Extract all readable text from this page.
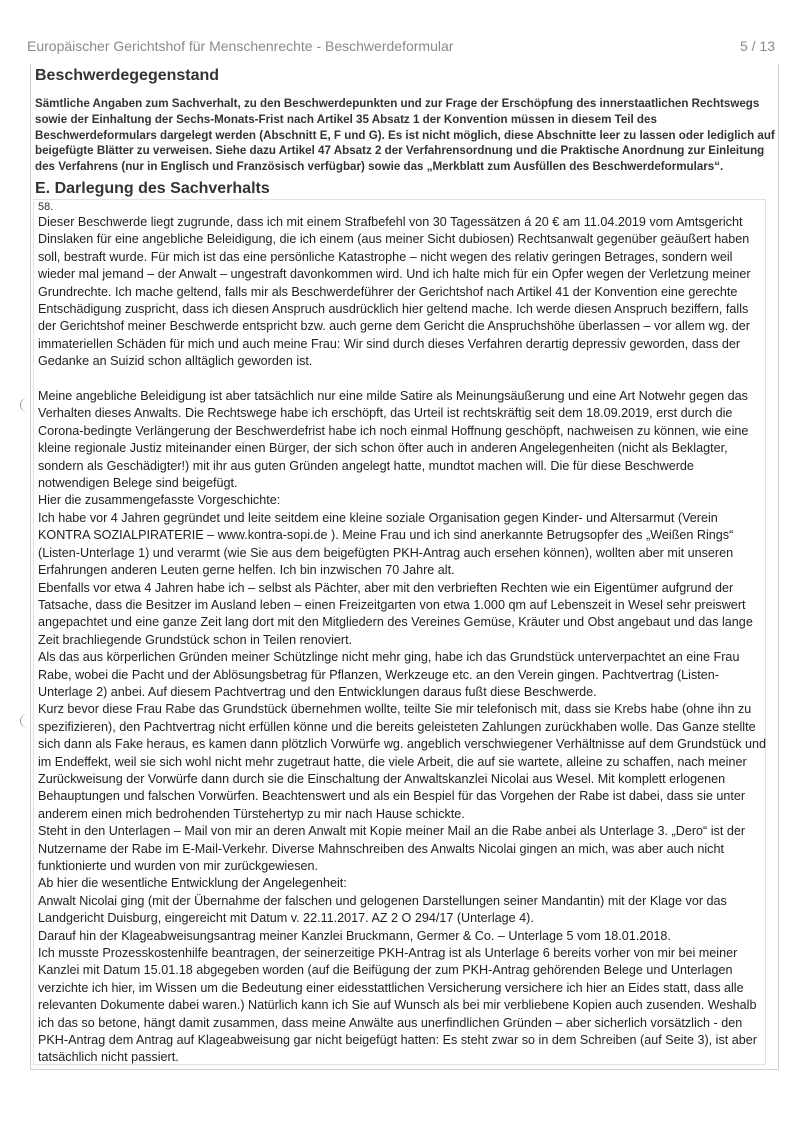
Europäischer Gerichtshof für Menschenrechte - Beschwerdeformular	5 / 13
Beschwerdegegenstand
Sämtliche Angaben zum Sachverhalt, zu den Beschwerdepunkten und zur Frage der Erschöpfung des innerstaatlichen Rechtswegs sowie der Einhaltung der Sechs-Monats-Frist nach Artikel 35 Absatz 1 der Konvention müssen in diesem Teil des Beschwerdeformulars dargelegt werden (Abschnitt E, F und G). Es ist nicht möglich, diese Abschnitte leer zu lassen oder lediglich auf beigefügte Blätter zu verweisen. Siehe dazu Artikel 47 Absatz 2 der Verfahrensordnung und die Praktische Anordnung zur Einleitung des Verfahrens (nur in Englisch und Französisch verfügbar) sowie das „Merkblatt zum Ausfüllen des Beschwerdeformulars“.
E. Darlegung des Sachverhalts
58.

Dieser Beschwerde liegt zugrunde, dass ich mit einem Strafbefehl von 30 Tagessätzen á 20 € am 11.04.2019 vom Amtsgericht Dinslaken für eine angebliche Beleidigung, die ich einem (aus meiner Sicht dubiosen) Rechtsanwalt gegenüber geäußert haben soll, bestraft wurde. Für mich ist das eine persönliche Katastrophe – nicht wegen des relativ geringen Betrages, sondern weil wieder mal jemand – der Anwalt – ungestraft davonkommen wird. Und ich halte mich für ein Opfer wegen der Verletzung meiner Grundrechte. Ich mache geltend, falls mir als Beschwerdeführer der Gerichtshof nach Artikel 41 der Konvention eine gerechte Entschädigung zuspricht, dass ich diesen Anspruch ausdrücklich hier geltend mache. Ich werde diesen Anspruch beziffern, falls der Gerichtshof meiner Beschwerde entspricht bzw. auch gerne dem Gericht die Anspruchshöhe überlassen – vor allem wg. der immateriellen Schäden für mich und auch meine Frau: Wir sind durch dieses Verfahren derartig depressiv geworden, dass der Gedanke an Suizid schon alltäglich geworden ist.

Meine angebliche Beleidigung ist aber tatsächlich nur eine milde Satire als Meinungsäußerung und eine Art Notwehr gegen das Verhalten dieses Anwalts. Die Rechtswege habe ich erschöpft, das Urteil ist rechtskräftig seit dem 18.09.2019, erst durch die Corona-bedingte Verlängerung der Beschwerdefrist habe ich noch einmal Hoffnung geschöpft, nachweisen zu können, wie eine kleine regionale Justiz miteinander einen Bürger, der sich schon öfter auch in anderen Angelegenheiten (nicht als Beklagter, sondern als Geschädigter!) mit ihr aus guten Gründen angelegt hatte, mundtot machen will. Die für diese Beschwerde notwendigen Belege sind beigefügt.

Hier die zusammengefasste Vorgeschichte:

Ich habe vor 4 Jahren gegründet und leite seitdem eine kleine soziale Organisation gegen Kinder- und Altersarmut (Verein KONTRA SOZIALPIRATERIE – www.kontra-sopi.de ). Meine Frau und ich sind anerkannte Betrugsopfer des „Weißen Rings“ (Listen-Unterlage 1) und verarmt (wie Sie aus dem beigefügten PKH-Antrag auch ersehen können), wollten aber mit unseren Erfahrungen anderen Leuten gerne helfen. Ich bin inzwischen 70 Jahre alt.

Ebenfalls vor etwa 4 Jahren habe ich – selbst als Pächter, aber mit den verbrieften Rechten wie ein Eigentümer aufgrund der Tatsache, dass die Besitzer im Ausland leben – einen Freizeitgarten von etwa 1.000 qm auf Lebenszeit in Wesel sehr preiswert angepachtet und eine ganze Zeit lang dort mit den Mitgliedern des Vereines Gemüse, Kräuter und Obst angebaut und das lange Zeit brachliegende Grundstück schon in Teilen renoviert.

Als das aus körperlichen Gründen meiner Schützlinge nicht mehr ging, habe ich das Grundstück unterverpachtet an eine Frau Rabe, wobei die Pacht und der Ablösungsbetrag für Pflanzen, Werkzeuge etc. an den Verein gingen. Pachtvertrag (Listen-Unterlage 2) anbei. Auf diesem Pachtvertrag und den Entwicklungen daraus fußt diese Beschwerde.

Kurz bevor diese Frau Rabe das Grundstück übernehmen wollte, teilte Sie mir telefonisch mit, dass sie Krebs habe (ohne ihn zu spezifizieren), den Pachtvertrag nicht erfüllen könne und die bereits geleisteten Zahlungen zurückhaben wolle. Das Ganze stellte sich dann als Fake heraus, es kamen dann plötzlich Vorwürfe wg. angeblich verschwiegener Verhältnisse auf dem Grundstück und im Endeffekt, weil sie sich wohl nicht mehr zugetraut hatte, die viele Arbeit, die auf sie wartete, alleine zu schaffen, nach meiner Zurückweisung der Vorwürfe dann durch sie die Einschaltung der Anwaltskanzlei Nicolai aus Wesel. Mit komplett erlogenen Behauptungen und falschen Vorwürfen. Beachtenswert und als ein Bespiel für das Vorgehen der Rabe ist dabei, dass sie unter anderem einen mich bedrohenden Türstehertyp zu mir nach Hause schickte.

Steht in den Unterlagen – Mail von mir an deren Anwalt mit Kopie meiner Mail an die Rabe anbei als Unterlage 3. „Dero“ ist der Nutzername der Rabe im E-Mail-Verkehr. Diverse Mahnschreiben des Anwalts Nicolai gingen an mich, was aber auch nicht funktionierte und wurden von mir zurückgewiesen.

Ab hier die wesentliche Entwicklung der Angelegenheit:

Anwalt Nicolai ging (mit der Übernahme der falschen und gelogenen Darstellungen seiner Mandantin) mit der Klage vor das Landgericht Duisburg, eingereicht mit Datum v. 22.11.2017. AZ 2 O 294/17 (Unterlage 4).

Darauf hin der Klageabweisungsantrag meiner Kanzlei Bruckmann, Germer & Co. – Unterlage 5 vom 18.01.2018.

Ich musste Prozesskostenhilfe beantragen, der seinerzeitige PKH-Antrag ist als Unterlage 6 bereits vorher von mir bei meiner Kanzlei mit Datum 15.01.18 abgegeben worden (auf die Beifügung der zum PKH-Antrag gehörenden Belege und Unterlagen verzichte ich hier, im Wissen um die Bedeutung einer eidesstattlichen Versicherung versichere ich hier an Eides statt, dass alle relevanten Dokumente dabei waren.) Natürlich kann ich Sie auf Wunsch als bei mir verbliebene Kopien auch zusenden. Weshalb ich das so betone, hängt damit zusammen, dass meine Anwälte aus unerfindlichen Gründen – aber sicherlich vorsätzlich - den PKH-Antrag dem Antrag auf Klageabweisung gar nicht beigefügt hatten: Es steht zwar so in dem Schreiben (auf Seite 3), ist aber tatsächlich nicht passiert.
